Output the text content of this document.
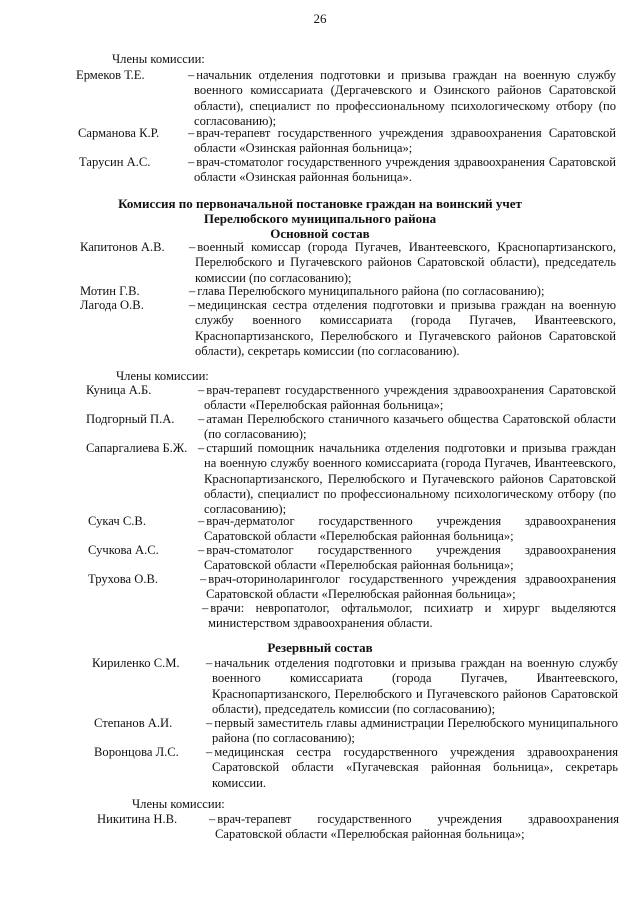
26
Члены комиссии:
Ермеков Т.Е.	– начальник отделения подготовки и призыва граждан на военную службу военного комиссариата (Дергачевского и Озинского районов Саратовской области), специалист по профессиональному психологическому отбору (по согласованию);
Сарманова К.Р. – врач-терапевт государственного учреждения здравоохранения Саратовской области «Озинская районная больница»;
Тарусин А.С.	– врач-стоматолог государственного учреждения здравоохранения Саратовской области «Озинская районная больница».
Комиссия по первоначальной постановке граждан на воинский учет
Перелюбского муниципального района
Основной состав
Капитонов А.В. – военный комиссар (города Пугачев, Ивантеевского, Краснопартизанского, Перелюбского и Пугачевского районов Саратовской области), председатель комиссии (по согласованию);
Мотин Г.В.	– глава Перелюбского муниципального района (по согласованию);
Лагода О.В.	– медицинская сестра отделения подготовки и призыва граждан на военную службу военного комиссариата (города Пугачев, Ивантеевского, Краснопартизанского, Перелюбского и Пугачевского районов Саратовской области), секретарь комиссии (по согласованию).
Члены комиссии:
Куница А.Б.	– врач-терапевт государственного учреждения здравоохранения Саратовской области «Перелюбская районная больница»;
Подгорный П.А. – атаман Перелюбского станичного казачьего общества Саратовской области (по согласованию);
Сапаргалиева Б.Ж. – старший помощник начальника отделения подготовки и призыва граждан на военную службу военного комиссариата (города Пугачев, Ивантеевского, Краснопартизанского, Перелюбского и Пугачевского районов Саратовской области), специалист по профессиональному психологическому отбору (по согласованию);
Сукач С.В.	– врач-дерматолог государственного учреждения здравоохранения Саратовской области «Перелюбская районная больница»;
Сучкова А.С.	– врач-стоматолог государственного учреждения здравоохранения Саратовской области «Перелюбская районная больница»;
Трухова О.В.	– врач-оториноларинголог государственного учреждения здравоохранения Саратовской области «Перелюбская районная больница»;
– врачи: невропатолог, офтальмолог, психиатр и хирург выделяются министерством здравоохранения области.
Резервный состав
Кириленко С.М. – начальник отделения подготовки и призыва граждан на военную службу военного комиссариата (города Пугачев, Ивантеевского, Краснопартизанского, Перелюбского и Пугачевского районов Саратовской области), председатель комиссии (по согласованию);
Степанов А.И.	– первый заместитель главы администрации Перелюбского муниципального района (по согласованию);
Воронцова Л.С. – медицинская сестра государственного учреждения здравоохранения Саратовской области «Пугачевская районная больница», секретарь комиссии.
Члены комиссии:
Никитина Н.В.	– врач-терапевт государственного учреждения здравоохранения Саратовской области «Перелюбская районная больница»;
